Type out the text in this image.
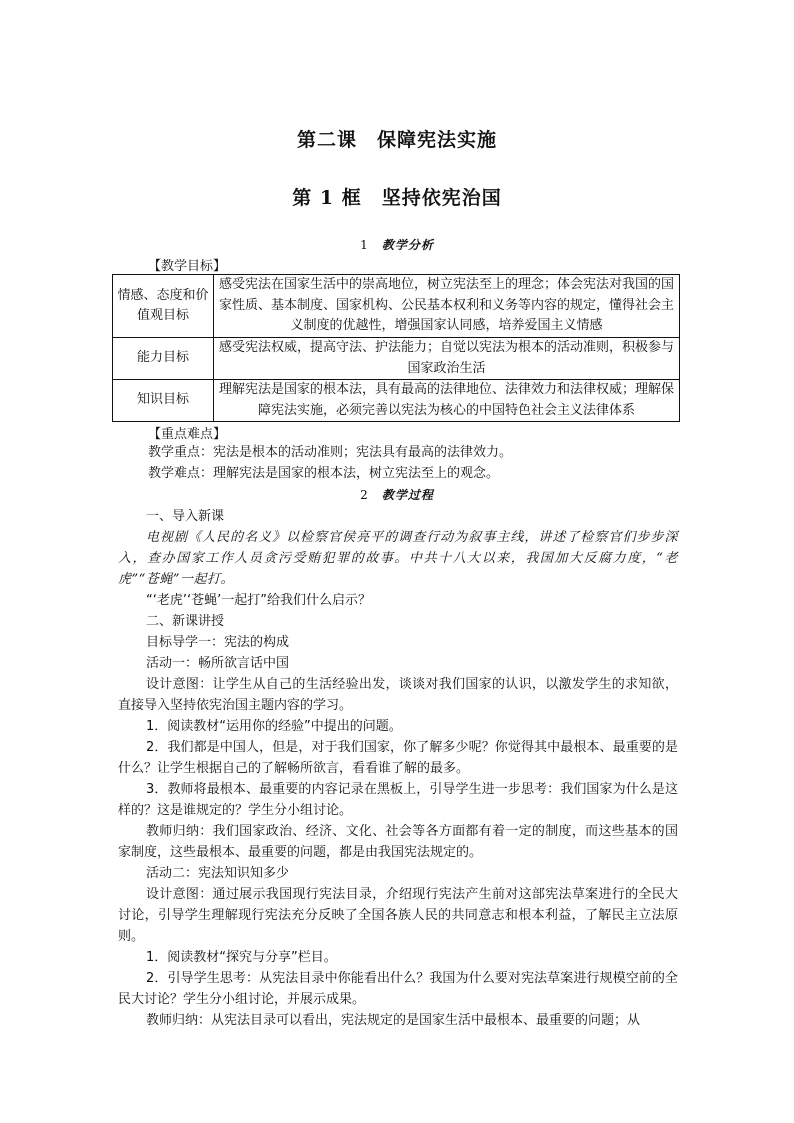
第二课　保障宪法实施
第 1 框　坚持依宪治国
1 教学分析
【教学目标】
情感、态度和价值观目标	感受宪法在国家生活中的崇高地位，树立宪法至上的理念；体会宪法对我国的国家性质、基本制度、国家机构、公民基本权利和义务等内容的规定，懂得社会主义制度的优越性，增强国家认同感，培养爱国主义情感
能力目标	感受宪法权威，提高守法、护法能力；自觉以宪法为根本的活动准则，积极参与国家政治生活
知识目标	理解宪法是国家的根本法，具有最高的法律地位、法律效力和法律权威；理解保障宪法实施，必须完善以宪法为核心的中国特色社会主义法律体系
【重点难点】
教学重点：宪法是根本的活动准则；宪法具有最高的法律效力。
教学难点：理解宪法是国家的根本法，树立宪法至上的观念。
2 教学过程

一、导入新课

电视剧《人民的名义》以检察官侯亮平的调查行动为叙事主线，讲述了检察官们步步深入，查办国家工作人员贪污受贿犯罪的故事。中共十八大以来，我国加大反腐力度，“老虎”“苍蝇”一起打。

“‘老虎’‘苍蝇’一起打”给我们什么启示？

二、新课讲授

目标导学一：宪法的构成

活动一：畅所欲言话中国

设计意图：让学生从自己的生活经验出发，谈谈对我们国家的认识，以激发学生的求知欲，直接导入坚持依宪治国主题内容的学习。

1．阅读教材“运用你的经验”中提出的问题。

2．我们都是中国人，但是，对于我们国家，你了解多少呢？你觉得其中最根本、最重要的是什么？让学生根据自己的了解畅所欲言，看看谁了解的最多。

3．教师将最根本、最重要的内容记录在黑板上，引导学生进一步思考：我们国家为什么是这样的？这是谁规定的？学生分小组讨论。

教师归纳：我们国家政治、经济、文化、社会等各方面都有着一定的制度，而这些基本的国家制度，这些最根本、最重要的问题，都是由我国宪法规定的。

活动二：宪法知识知多少

设计意图：通过展示我国现行宪法目录，介绍现行宪法产生前对这部宪法草案进行的全民大讨论，引导学生理解现行宪法充分反映了全国各族人民的共同意志和根本利益，了解民主立法原则。

1．阅读教材“探究与分享”栏目。

2．引导学生思考：从宪法目录中你能看出什么？我国为什么要对宪法草案进行规模空前的全民大讨论？学生分小组讨论，并展示成果。

教师归纳：从宪法目录可以看出，宪法规定的是国家生活中最根本、最重要的问题；从
